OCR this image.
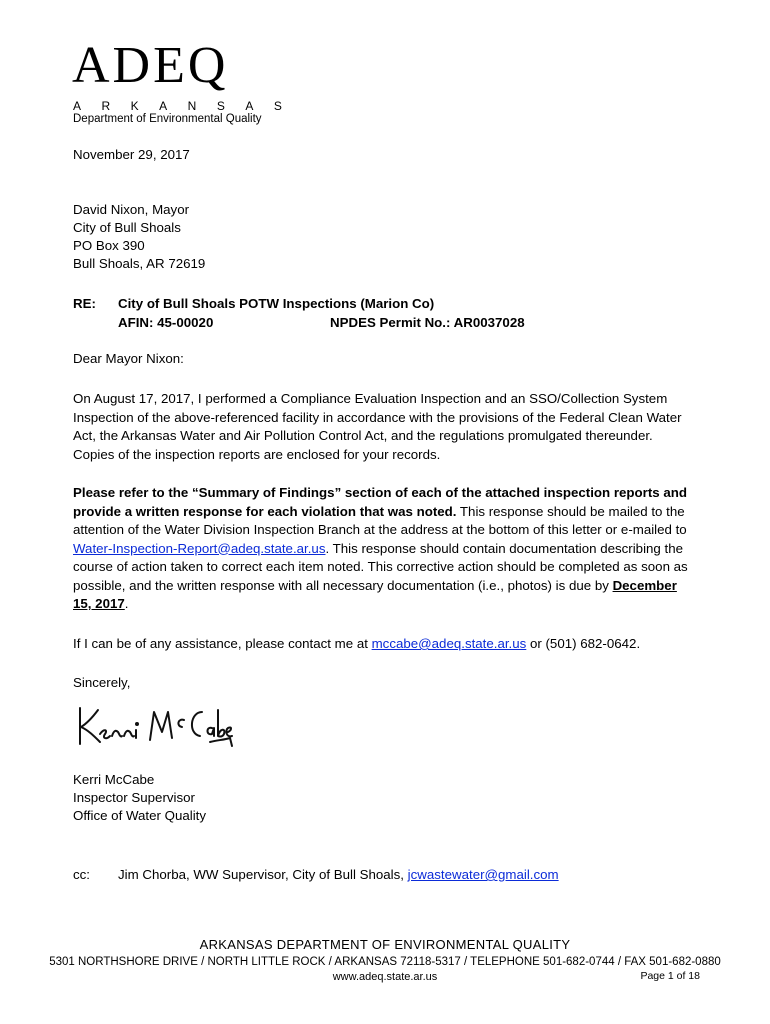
ADEQ
ARKANSAS
Department of Environmental Quality
November 29, 2017
David Nixon, Mayor
City of Bull Shoals
PO Box 390
Bull Shoals, AR 72619
RE: City of Bull Shoals POTW Inspections (Marion Co)
AFIN: 45-00020	NPDES Permit No.: AR0037028
Dear Mayor Nixon:
On August 17, 2017, I performed a Compliance Evaluation Inspection and an SSO/Collection System Inspection of the above-referenced facility in accordance with the provisions of the Federal Clean Water Act, the Arkansas Water and Air Pollution Control Act, and the regulations promulgated thereunder. Copies of the inspection reports are enclosed for your records.
Please refer to the “Summary of Findings” section of each of the attached inspection reports and provide a written response for each violation that was noted. This response should be mailed to the attention of the Water Division Inspection Branch at the address at the bottom of this letter or e-mailed to Water-Inspection-Report@adeq.state.ar.us. This response should contain documentation describing the course of action taken to correct each item noted. This corrective action should be completed as soon as possible, and the written response with all necessary documentation (i.e., photos) is due by December 15, 2017.
If I can be of any assistance, please contact me at mccabe@adeq.state.ar.us or (501) 682-0642.
Sincerely,
Kerri McCabe
Inspector Supervisor
Office of Water Quality
cc: Jim Chorba, WW Supervisor, City of Bull Shoals, jcwastewater@gmail.com
ARKANSAS DEPARTMENT OF ENVIRONMENTAL QUALITY
5301 NORTHSHORE DRIVE / NORTH LITTLE ROCK / ARKANSAS 72118-5317 / TELEPHONE 501-682-0744 / FAX 501-682-0880
www.adeq.state.ar.us	Page 1 of 18
